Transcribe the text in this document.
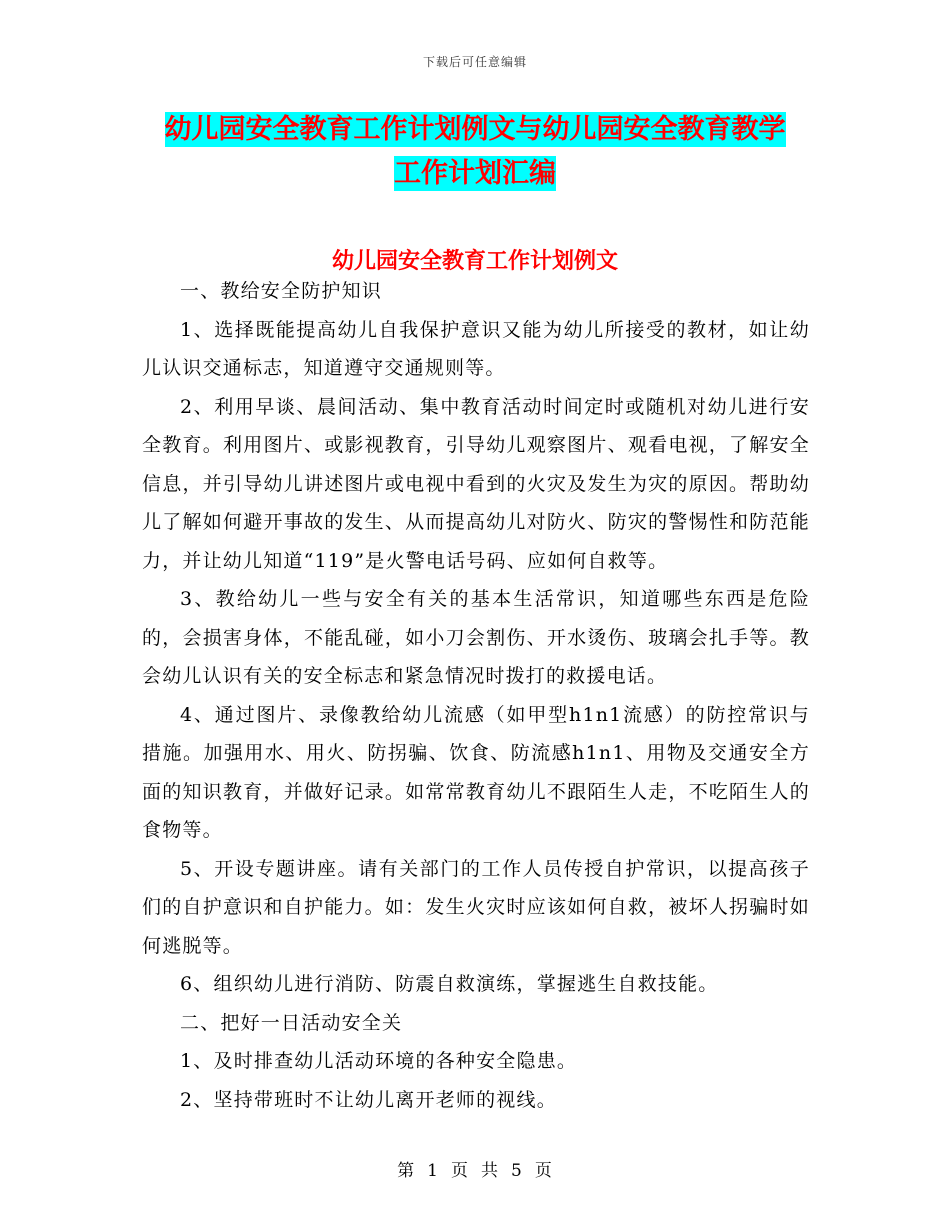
下载后可任意编辑
幼儿园安全教育工作计划例文与幼儿园安全教育教学
工作计划汇编
幼儿园安全教育工作计划例文

一、教给安全防护知识

1、选择既能提高幼儿自我保护意识又能为幼儿所接受的教材，如让幼儿认识交通标志，知道遵守交通规则等。

2、利用早谈、晨间活动、集中教育活动时间定时或随机对幼儿进行安全教育。利用图片、或影视教育，引导幼儿观察图片、观看电视，了解安全信息，并引导幼儿讲述图片或电视中看到的火灾及发生为灾的原因。帮助幼儿了解如何避开事故的发生、从而提高幼儿对防火、防灾的警惕性和防范能力，并让幼儿知道“119”是火警电话号码、应如何自救等。

3、教给幼儿一些与安全有关的基本生活常识，知道哪些东西是危险的，会损害身体，不能乱碰，如小刀会割伤、开水烫伤、玻璃会扎手等。教会幼儿认识有关的安全标志和紧急情况时拨打的救援电话。

4、通过图片、录像教给幼儿流感（如甲型h1n1流感）的防控常识与措施。加强用水、用火、防拐骗、饮食、防流感h1n1、用物及交通安全方面的知识教育，并做好记录。如常常教育幼儿不跟陌生人走，不吃陌生人的食物等。

5、开设专题讲座。请有关部门的工作人员传授自护常识，以提高孩子们的自护意识和自护能力。如：发生火灾时应该如何自救，被坏人拐骗时如何逃脱等。

6、组织幼儿进行消防、防震自救演练，掌握逃生自救技能。

二、把好一日活动安全关

1、及时排查幼儿活动环境的各种安全隐患。

2、坚持带班时不让幼儿离开老师的视线。

第 1 页 共 5 页
